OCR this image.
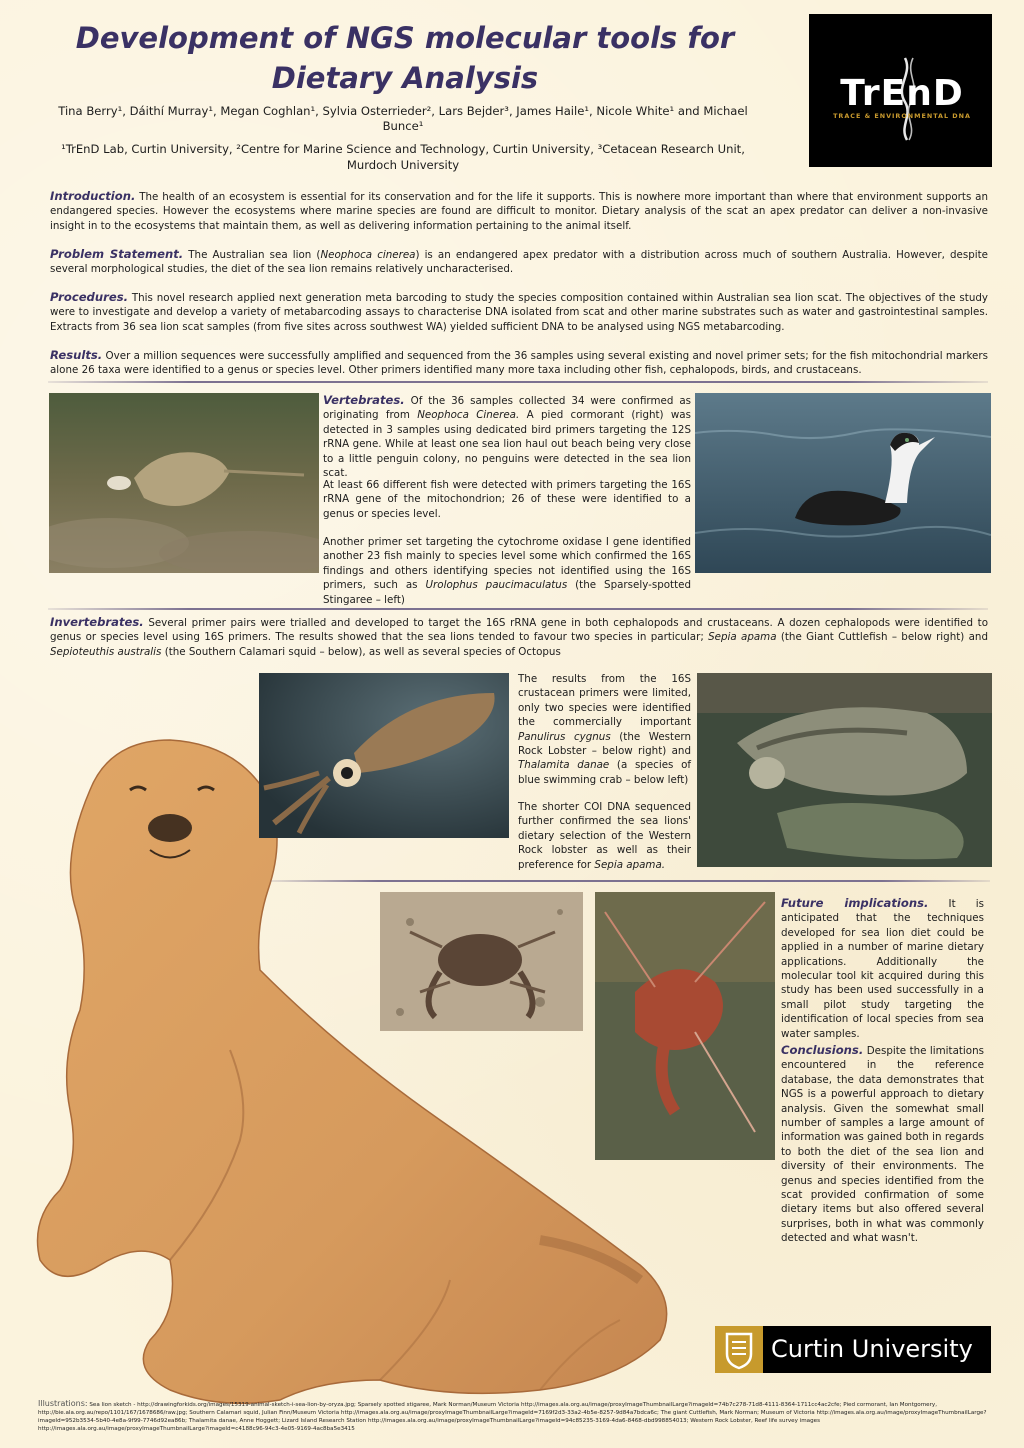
Development of NGS molecular tools for Dietary Analysis
Tina Berry¹, Dáithí Murray¹, Megan Coghlan¹, Sylvia Osterrieder², Lars Bejder³, James Haile¹, Nicole White¹ and Michael Bunce¹
¹TrEnD Lab, Curtin University, ²Centre for Marine Science and Technology, Curtin University, ³Cetacean Research Unit, Murdoch University
TrEnD
TRACE & ENVIRONMENTAL DNA
Introduction. The health of an ecosystem is essential for its conservation and for the life it supports. This is nowhere more important than where that environment supports an endangered species. However the ecosystems where marine species are found are difficult to monitor. Dietary analysis of the scat an apex predator can deliver a non-invasive insight in to the ecosystems that maintain them, as well as delivering information pertaining to the animal itself.
Problem Statement. The Australian sea lion (Neophoca cinerea) is an endangered apex predator with a distribution across much of southern Australia. However, despite several morphological studies, the diet of the sea lion remains relatively uncharacterised.
Procedures. This novel research applied next generation meta barcoding to study the species composition contained within Australian sea lion scat. The objectives of the study were to investigate and develop a variety of metabarcoding assays to characterise DNA isolated from scat and other marine substrates such as water and gastrointestinal samples. Extracts from 36 sea lion scat samples (from five sites across southwest WA) yielded sufficient DNA to be analysed using NGS metabarcoding.
Results. Over a million sequences were successfully amplified and sequenced from the 36 samples using several existing and novel primer sets; for the fish mitochondrial markers alone 26 taxa were identified to a genus or species level. Other primers identified many more taxa including other fish, cephalopods, birds, and crustaceans.
Vertebrates. Of the 36 samples collected 34 were confirmed as originating from Neophoca Cinerea. A pied cormorant (right) was detected in 3 samples using dedicated bird primers targeting the 12S rRNA gene. While at least one sea lion haul out beach being very close to a little penguin colony, no penguins were detected in the sea lion scat.
At least 66 different fish were detected with primers targeting the 16S rRNA gene of the mitochondrion; 26 of these were identified to a genus or species level.
Another primer set targeting the cytochrome oxidase I gene identified another 23 fish mainly to species level some which confirmed the 16S findings and others identifying species not identified using the 16S primers, such as Urolophus paucimaculatus (the Sparsely-spotted Stingaree – left)
Invertebrates. Several primer pairs were trialled and developed to target the 16S rRNA gene in both cephalopods and crustaceans. A dozen cephalopods were identified to genus or species level using 16S primers. The results showed that the sea lions tended to favour two species in particular; Sepia apama (the Giant Cuttlefish – below right) and Sepioteuthis australis (the Southern Calamari squid – below), as well as several species of Octopus
The results from the 16S crustacean primers were limited, only two species were identified the commercially important Panulirus cygnus (the Western Rock Lobster – below right) and Thalamita danae (a species of blue swimming crab – below left)
The shorter COI DNA sequenced further confirmed the sea lions' dietary selection of the Western Rock lobster as well as their preference for Sepia apama.
Future implications. It is anticipated that the techniques developed for sea lion diet could be applied in a number of marine dietary applications. Additionally the molecular tool kit acquired during this study has been used successfully in a small pilot study targeting the identification of local species from sea water samples.
Conclusions. Despite the limitations encountered in the reference database, the data demonstrates that NGS is a powerful approach to dietary analysis. Given the somewhat small number of samples a large amount of information was gained both in regards to both the diet of the sea lion and diversity of their environments. The genus and species identified from the scat provided confirmation of some dietary items but also offered several surprises, both in what was commonly detected and what wasn't.
Curtin University
Illustrations: Sea lion sketch - http://drawingforkids.org/images/15319-animal-sketch-i-sea-lion-by-oryza.jpg; Sparsely spotted stigaree, Mark Norman/Museum Victoria http://images.ala.org.au/image/proxyImageThumbnailLarge?imageId=74b7c278-71d8-4111-8364-1711cc4ac2cfe; Pied cormorant, Ian Montgomery, http://bie.ala.org.au/repo/1101/167/1678686/raw.jpg; Southern Calamari squid, Julian Finn/Museum Victoria http://images.ala.org.au/image/proxyImageThumbnailLarge?imageId=7169f2d3-33a2-4b5e-8257-9d84a7bdca6c; The giant Cuttlefish, Mark Norman; Museum of Victoria http://images.ala.org.au/image/proxyImageThumbnailLarge?imageId=952b3534-5b40-4e8a-9f99-7746d92ea86b; Thalamita danae, Anne Hoggett; Lizard Island Research Station http://images.ala.org.au/image/proxyImageThumbnailLarge?imageId=94c85235-3169-4da6-8468-dbd998854013; Western Rock Lobster, Reef life survey images http://images.ala.org.au/image/proxyImageThumbnailLarge?imageId=c4188c96-94c3-4e05-9169-4ac8ba5e3415
